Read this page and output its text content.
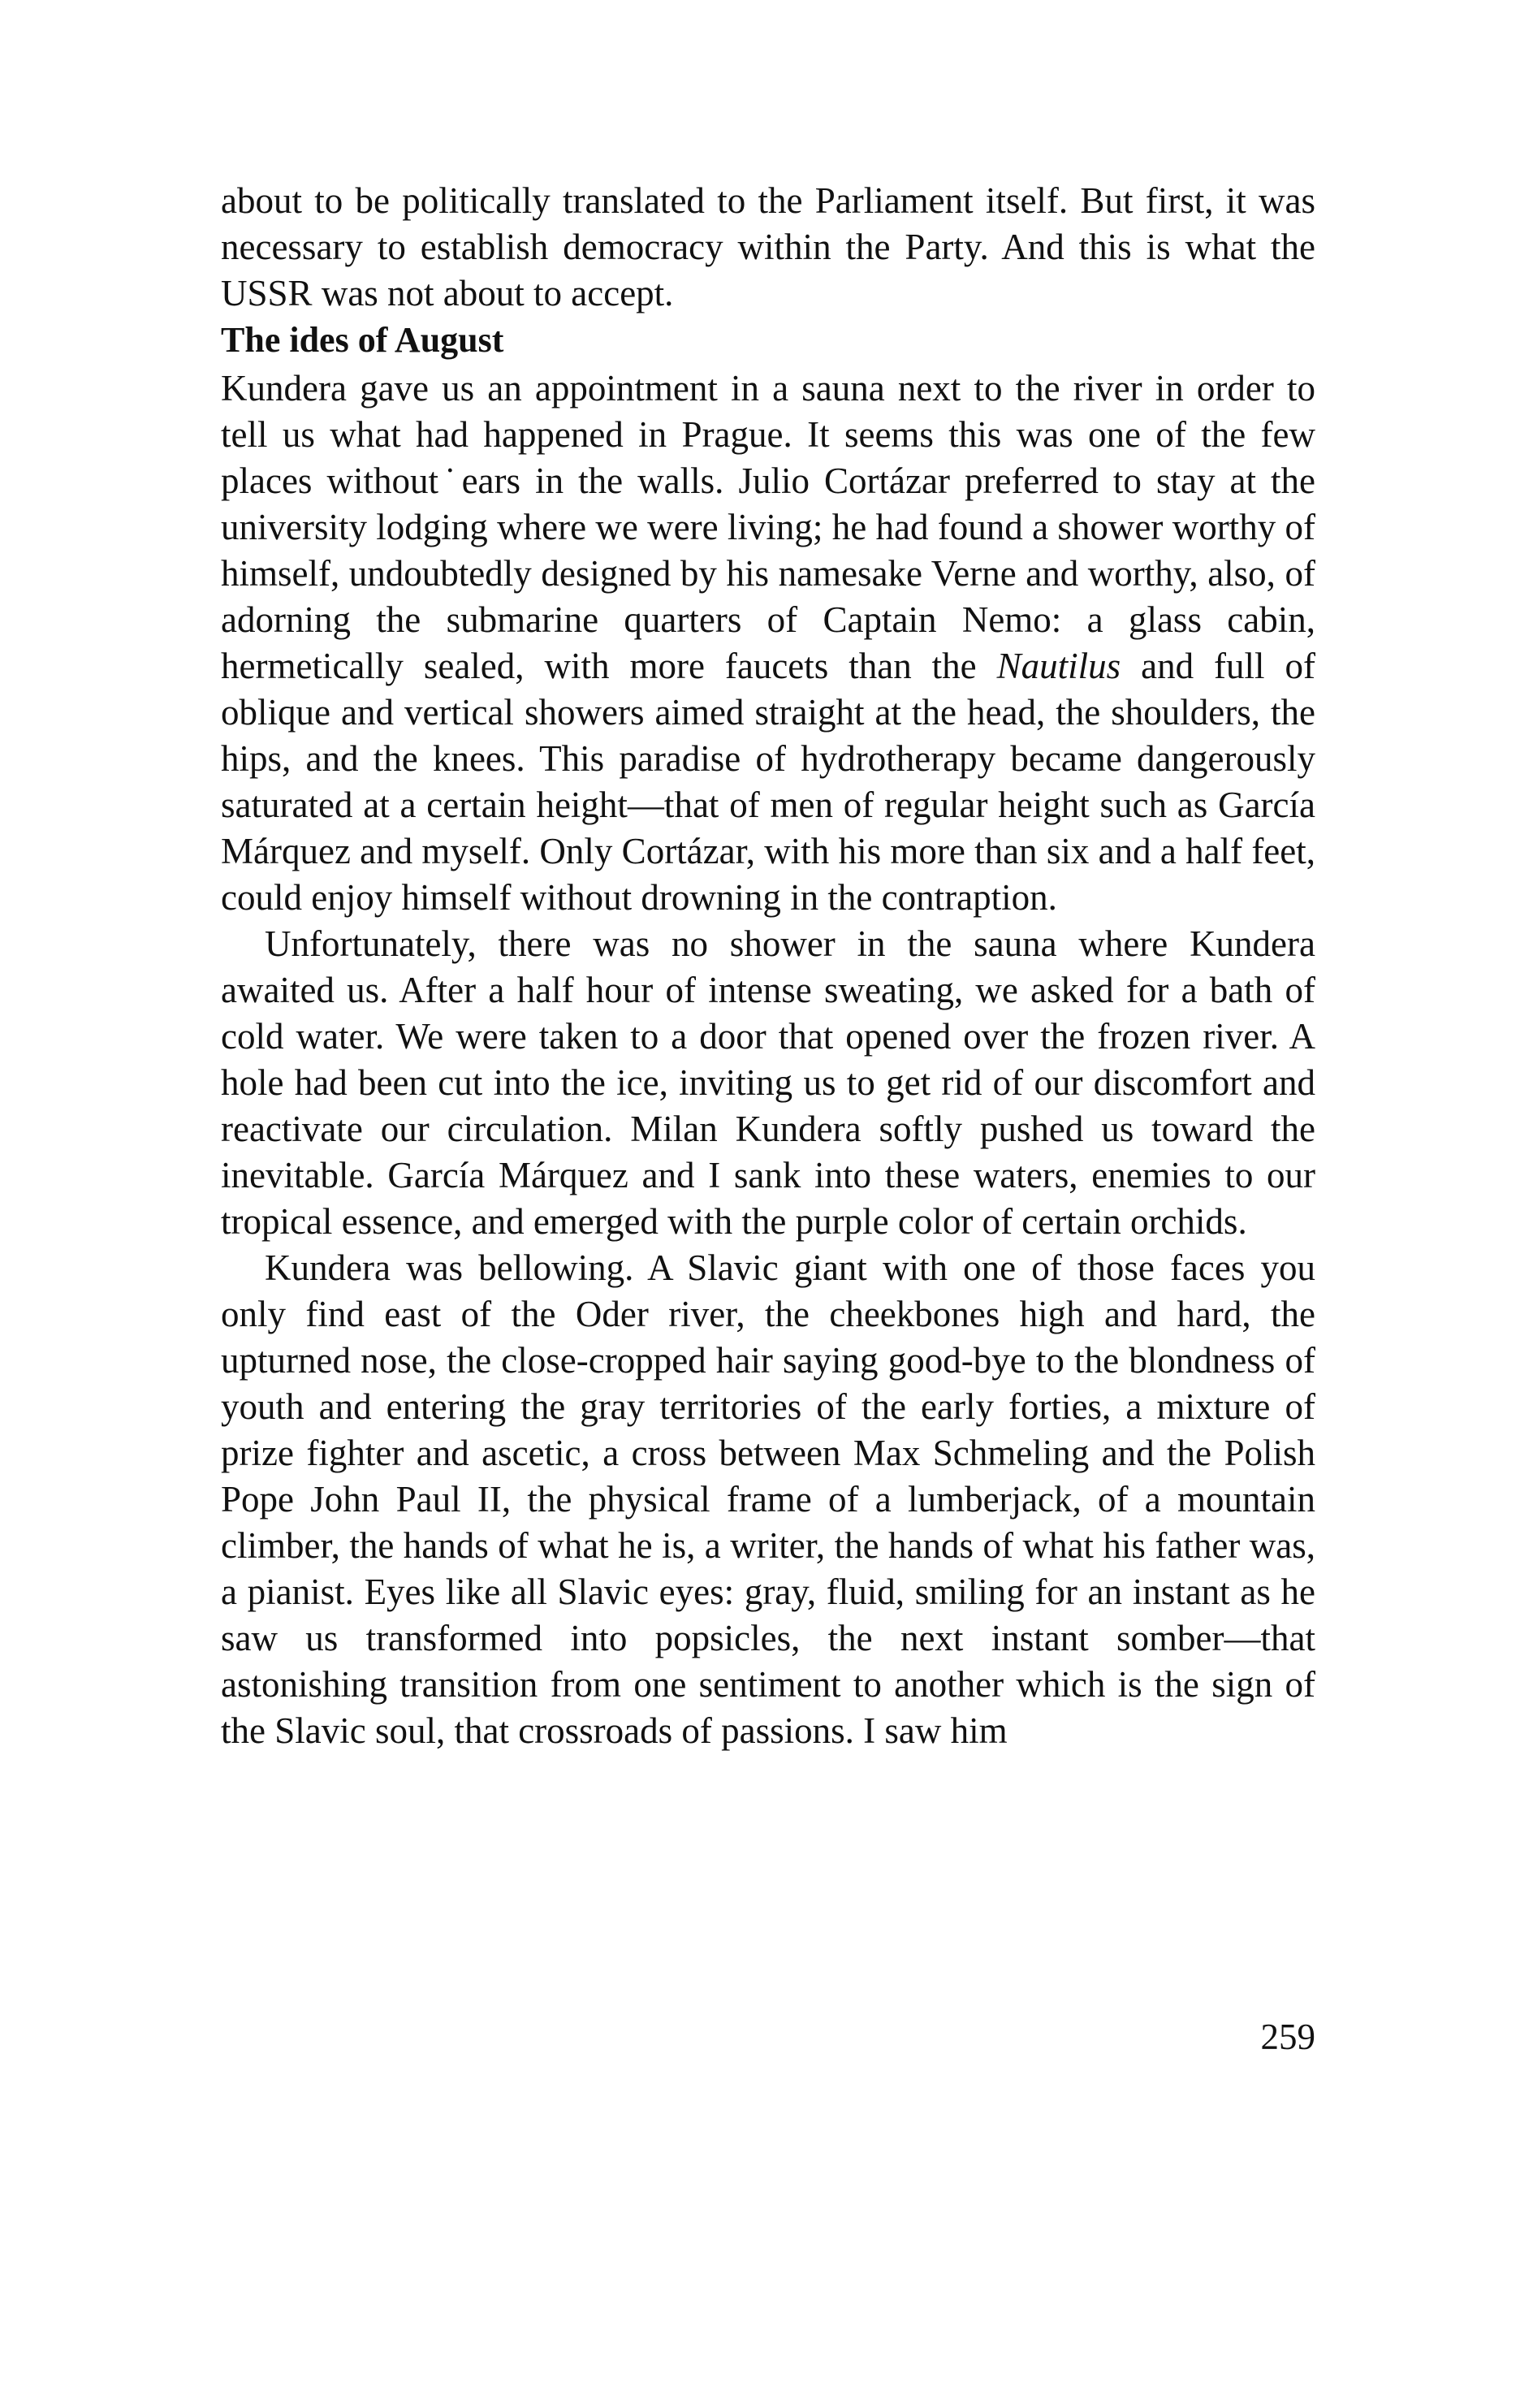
about to be politically translated to the Parliament itself. But first, it was necessary to establish democracy within the Party. And this is what the USSR was not about to accept.

The ides of August

Kundera gave us an appointment in a sauna next to the river in order to tell us what had happened in Prague. It seems this was one of the few places without˙ears in the walls. Julio Cortázar preferred to stay at the university lodging where we were living; he had found a shower worthy of himself, undoubtedly designed by his namesake Verne and worthy, also, of adorning the submarine quarters of Captain Nemo: a glass cabin, hermetically sealed, with more faucets than the Nautilus and full of oblique and vertical showers aimed straight at the head, the shoulders, the hips, and the knees. This paradise of hydrotherapy became dangerously saturated at a certain height—that of men of regular height such as García Márquez and myself. Only Cortázar, with his more than six and a half feet, could enjoy himself without drowning in the contraption.

Unfortunately, there was no shower in the sauna where Kundera awaited us. After a half hour of intense sweating, we asked for a bath of cold water. We were taken to a door that opened over the frozen river. A hole had been cut into the ice, inviting us to get rid of our discomfort and reactivate our circulation. Milan Kundera softly pushed us toward the inevitable. García Márquez and I sank into these waters, enemies to our tropical essence, and emerged with the purple color of certain orchids.

Kundera was bellowing. A Slavic giant with one of those faces you only find east of the Oder river, the cheekbones high and hard, the upturned nose, the close-cropped hair saying good-bye to the blondness of youth and entering the gray territories of the early forties, a mixture of prize fighter and ascetic, a cross between Max Schmeling and the Polish Pope John Paul II, the physical frame of a lumberjack, of a mountain climber, the hands of what he is, a writer, the hands of what his father was, a pianist. Eyes like all Slavic eyes: gray, fluid, smiling for an instant as he saw us transformed into popsicles, the next instant somber—that astonishing transition from one sentiment to another which is the sign of the Slavic soul, that crossroads of passions. I saw him

259
